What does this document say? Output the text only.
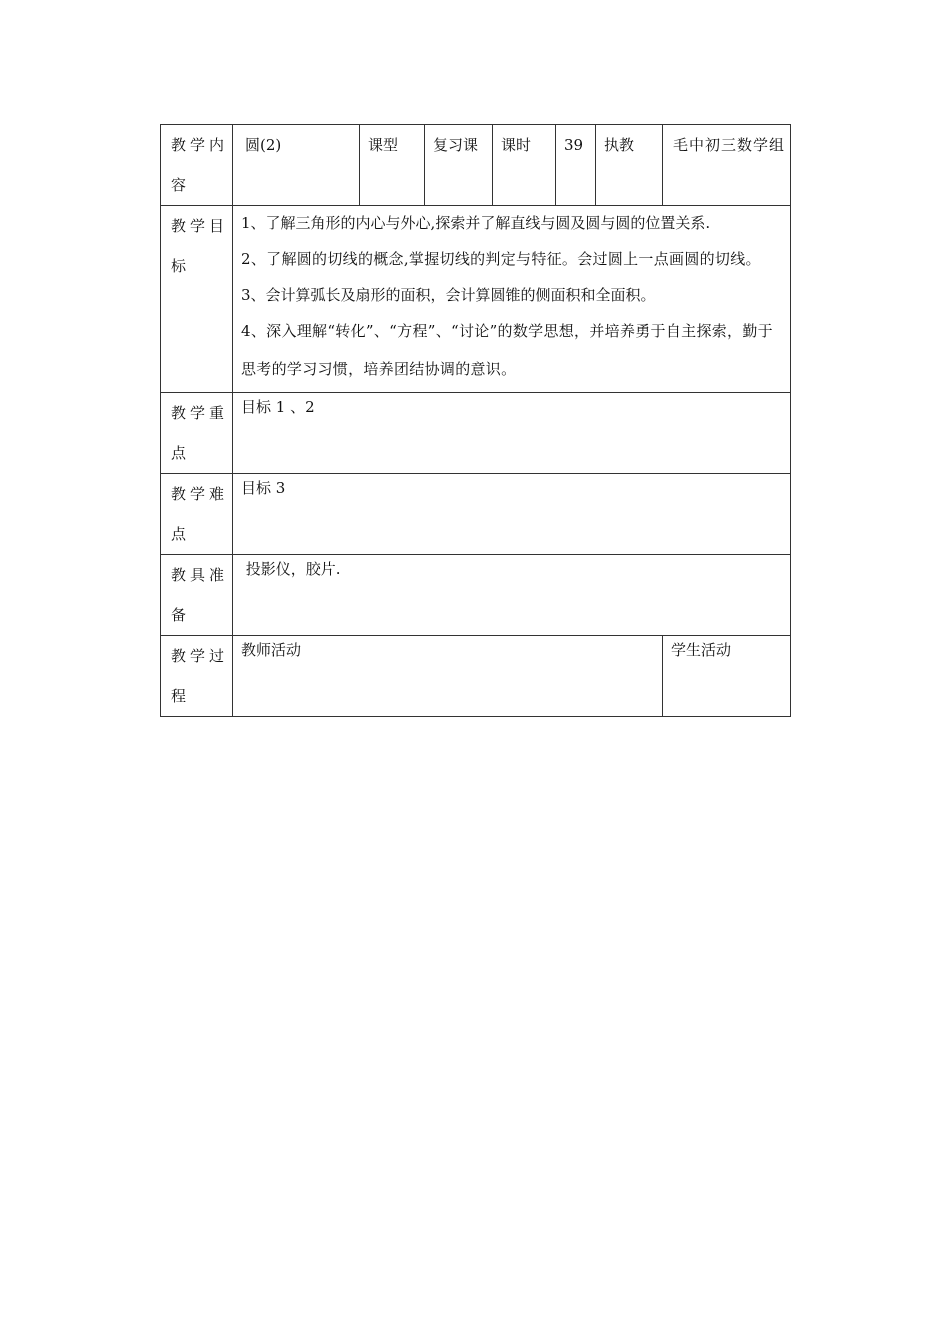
教学内容	圆(2)	课型	复习课	课时	39	执教	毛中初三数学组
教学目标	1、了解三角形的内心与外心,探索并了解直线与圆及圆与圆的位置关系.
2、了解圆的切线的概念,掌握切线的判定与特征。会过圆上一点画圆的切线。
3、会计算弧长及扇形的面积，会计算圆锥的侧面积和全面积。
4、深入理解“转化”、“方程”、“讨论”的数学思想，并培养勇于自主探索，勤于思考的学习习惯，培养团结协调的意识。						

教学重点	目标 1 、2						
教学难点	目标 3						
教具准备	投影仪，胶片.						
教学过程	教师活动						学生活动
